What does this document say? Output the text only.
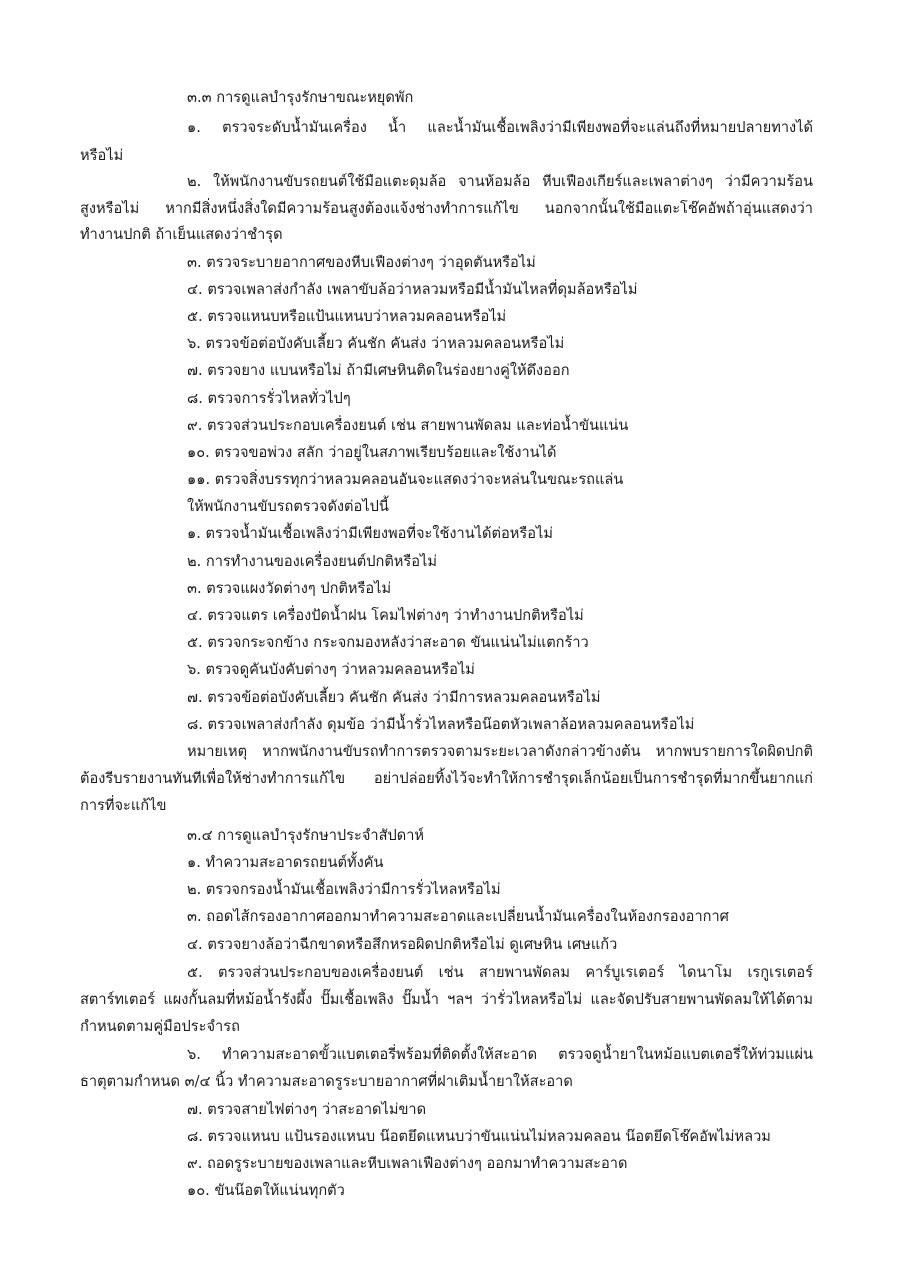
๓.๓ การดูแลบำรุงรักษาขณะหยุดพัก
๑. ตรวจระดับน้ำมันเครื่อง น้ำ และน้ำมันเชื้อเพลิงว่ามีเพียงพอที่จะแล่นถึงที่หมายปลายทางได้
หรือไม่
๒. ให้พนักงานขับรถยนต์ใช้มือแตะดุมล้อ จานห้อมล้อ หีบเฟืองเกียร์และเพลาต่างๆ ว่ามีความร้อน
สูงหรือไม่ หากมีสิ่งหนึ่งสิ่งใดมีความร้อนสูงต้องแจ้งช่างทำการแก้ไข นอกจากนั้นใช้มือแตะโช๊คอัพถ้าอุ่นแสดงว่า
ทำงานปกติ ถ้าเย็นแสดงว่าชำรุด
๓. ตรวจระบายอากาศของหีบเฟืองต่างๆ ว่าอุดตันหรือไม่
๔. ตรวจเพลาส่งกำลัง เพลาขับล้อว่าหลวมหรือมีน้ำมันไหลที่ดุมล้อหรือไม่
๕. ตรวจแหนบหรือแป้นแหนบว่าหลวมคลอนหรือไม่
๖. ตรวจข้อต่อบังคับเลี้ยว คันชัก คันส่ง ว่าหลวมคลอนหรือไม่
๗. ตรวจยาง แบนหรือไม่ ถ้ามีเศษหินติดในร่องยางคู่ให้ดึงออก
๘. ตรวจการรั่วไหลทั่วไปๆ
๙. ตรวจส่วนประกอบเครื่องยนต์ เช่น สายพานพัดลม และท่อน้ำขันแน่น
๑๐. ตรวจขอพ่วง สลัก ว่าอยู่ในสภาพเรียบร้อยและใช้งานได้
๑๑. ตรวจสิ่งบรรทุกว่าหลวมคลอนอันจะแสดงว่าจะหล่นในขณะรถแล่น
ให้พนักงานขับรถตรวจดังต่อไปนี้
๑. ตรวจน้ำมันเชื้อเพลิงว่ามีเพียงพอที่จะใช้งานได้ต่อหรือไม่
๒. การทำงานของเครื่องยนต์ปกติหรือไม่
๓. ตรวจแผงวัดต่างๆ ปกติหรือไม่
๔. ตรวจแตร เครื่องปัดน้ำฝน โคมไฟต่างๆ ว่าทำงานปกติหรือไม่
๕. ตรวจกระจกข้าง กระจกมองหลังว่าสะอาด ขันแน่นไม่แตกร้าว
๖. ตรวจดูคันบังคับต่างๆ ว่าหลวมคลอนหรือไม่
๗. ตรวจข้อต่อบังคับเลี้ยว คันชัก คันส่ง ว่ามีการหลวมคลอนหรือไม่
๘. ตรวจเพลาส่งกำลัง ดุมข้อ ว่ามีน้ำรั่วไหลหรือน๊อตหัวเพลาล้อหลวมคลอนหรือไม่
หมายเหตุ หากพนักงานขับรถทำการตรวจตามระยะเวลาดังกล่าวข้างต้น หากพบรายการใดผิดปกติ
ต้องรีบรายงานทันทีเพื่อให้ช่างทำการแก้ไข อย่าปล่อยทิ้งไว้จะทำให้การชำรุดเล็กน้อยเป็นการชำรุดที่มากขึ้นยากแก่
การที่จะแก้ไข
๓.๔ การดูแลบำรุงรักษาประจำสัปดาห์
๑. ทำความสะอาดรถยนต์ทั้งคัน
๒. ตรวจกรองน้ำมันเชื้อเพลิงว่ามีการรั่วไหลหรือไม่
๓. ถอดไส้กรองอากาศออกมาทำความสะอาดและเปลี่ยนน้ำมันเครื่องในห้องกรองอากาศ
๔. ตรวจยางล้อว่าฉีกขาดหรือสึกหรอผิดปกติหรือไม่ ดูเศษหิน เศษแก้ว
๕. ตรวจส่วนประกอบของเครื่องยนต์ เช่น สายพานพัดลม คาร์บูเรเตอร์ ไดนาโม เรกูเรเตอร์
สตาร์ทเตอร์ แผงกั้นลมที่หม้อน้ำรังผึ้ง ปั๊มเชื้อเพลิง ปั๊มน้ำ ฯลฯ ว่ารั่วไหลหรือไม่ และจัดปรับสายพานพัดลมให้ได้ตาม
กำหนดตามคู่มือประจำรถ
๖. ทำความสะอาดขั้วแบตเตอรี่พร้อมที่ติดตั้งให้สะอาด ตรวจดูน้ำยาในหม้อแบตเตอรี่ให้ท่วมแผ่น
ธาตุตามกำหนด ๓/๔ นิ้ว ทำความสะอาดรูระบายอากาศที่ฝาเติมน้ำยาให้สะอาด
๗. ตรวจสายไฟต่างๆ ว่าสะอาดไม่ขาด
๘. ตรวจแหนบ แป้นรองแหนบ น๊อตยึดแหนบว่าขันแน่นไม่หลวมคลอน น๊อตยึดโช๊คอัพไม่หลวม
๙. ถอดรูระบายของเพลาและหีบเพลาเฟืองต่างๆ ออกมาทำความสะอาด
๑๐. ขันน๊อตให้แน่นทุกตัว
